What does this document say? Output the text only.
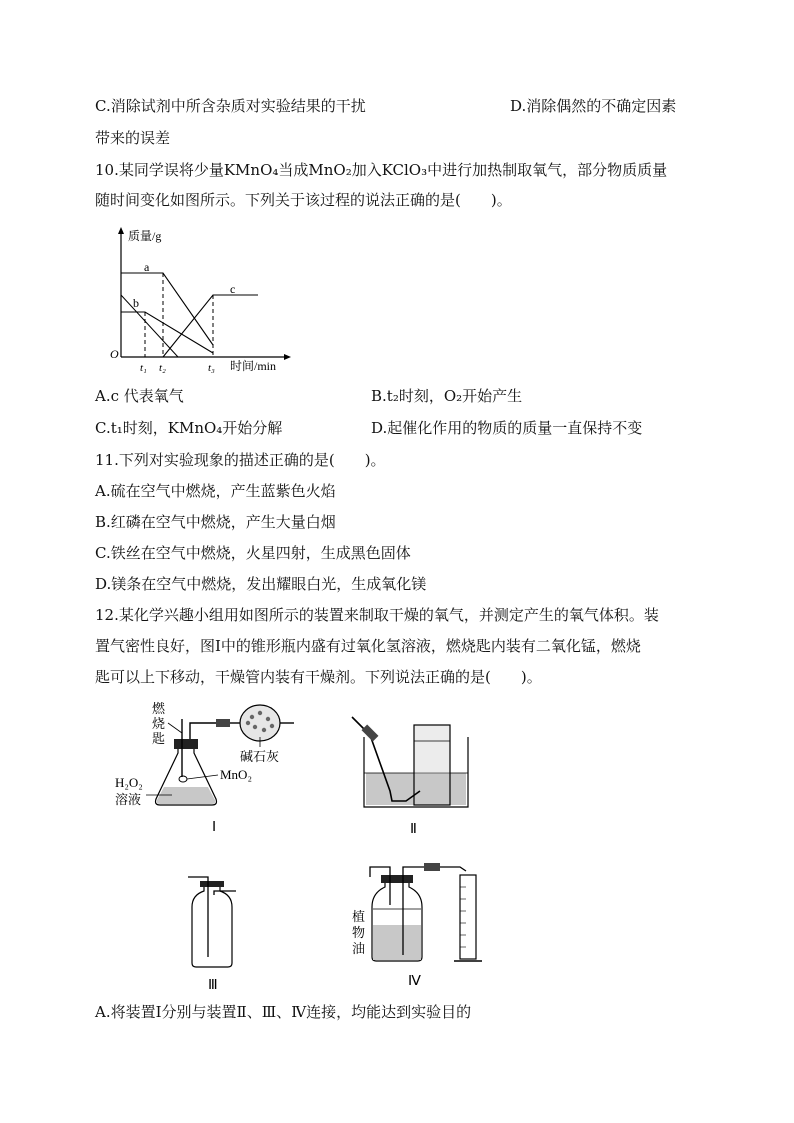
C.消除试剂中所含杂质对实验结果的干扰	D.消除偶然的不确定因素
带来的误差
10.某同学误将少量KMnO₄当成MnO₂加入KClO₃中进行加热制取氧气，部分物质质量
随时间变化如图所示。下列关于该过程的说法正确的是(　　)。
质量/g
时间/min
O
a
b
c
t₁ t₂	t₃
A.c 代表氧气	B.t₂时刻，O₂开始产生
C.t₁时刻，KMnO₄开始分解	D.起催化作用的物质的质量一直保持不变
11.下列对实验现象的描述正确的是(　　)。
A.硫在空气中燃烧，产生蓝紫色火焰
B.红磷在空气中燃烧，产生大量白烟
C.铁丝在空气中燃烧，火星四射，生成黑色固体
D.镁条在空气中燃烧，发出耀眼白光，生成氧化镁
12.某化学兴趣小组用如图所示的装置来制取干燥的氧气，并测定产生的氧气体积。装
置气密性良好，图Ⅰ中的锥形瓶内盛有过氧化氢溶液，燃烧匙内装有二氧化锰，燃烧
匙可以上下移动，干燥管内装有干燥剂。下列说法正确的是(　　)。
燃
烧
匙
碱石灰
MnO₂
H₂O₂
溶液
Ⅰ	Ⅱ
Ⅲ
植
物
油
Ⅳ
A.将装置Ⅰ分别与装置Ⅱ、Ⅲ、Ⅳ连接，均能达到实验目的
